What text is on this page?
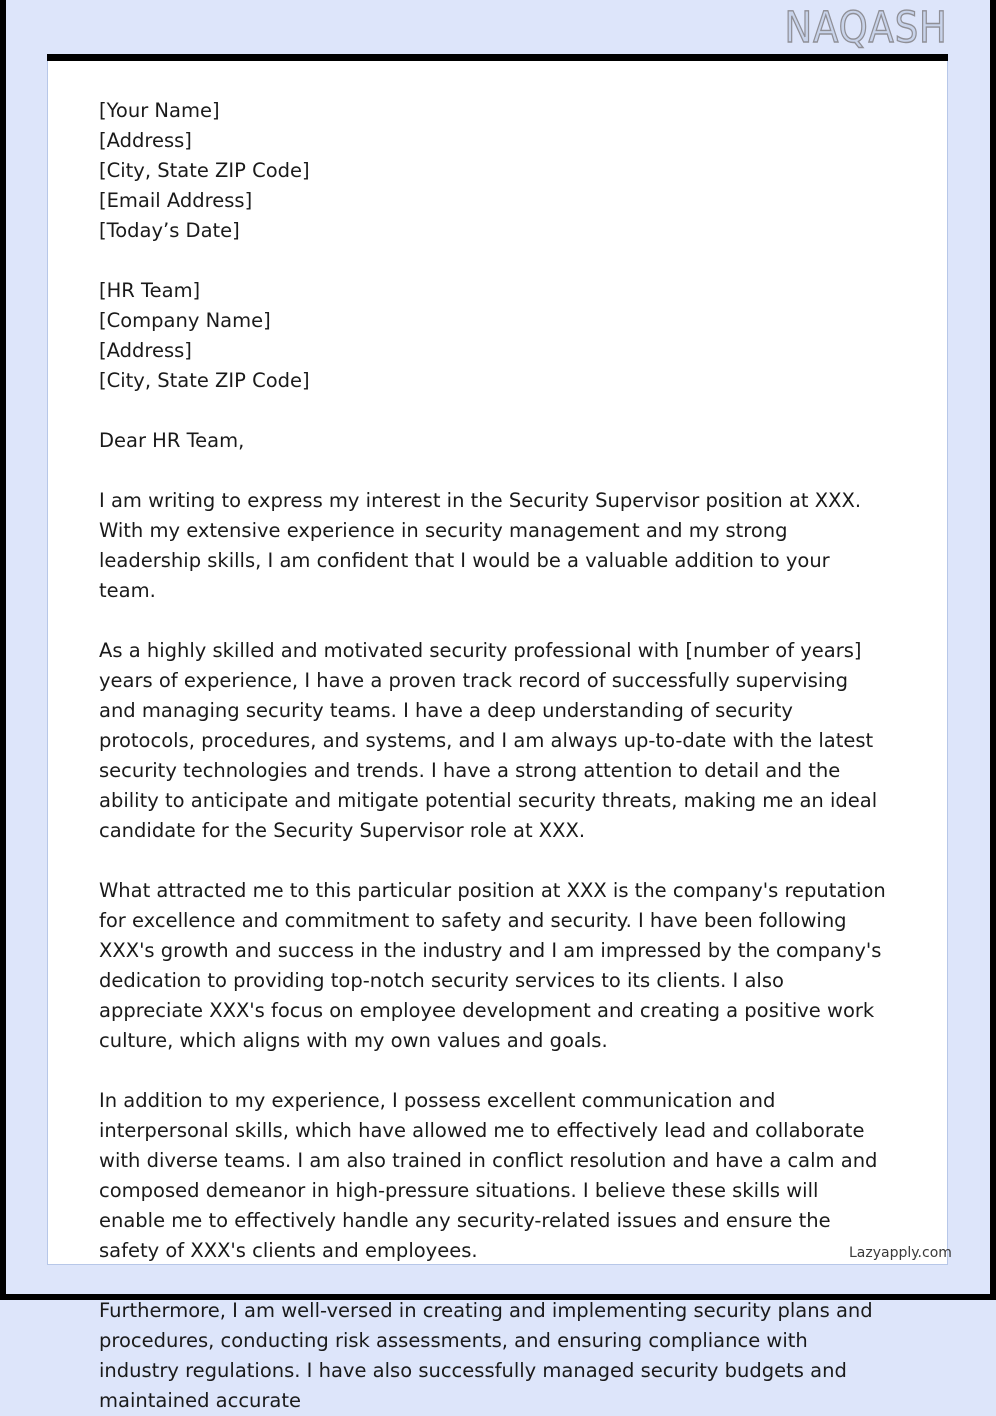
NAQASH
[Your Name]
[Address]
[City, State ZIP Code]
[Email Address]
[Today’s Date]
[HR Team]
[Company Name]
[Address]
[City, State ZIP Code]
Dear HR Team,

I am writing to express my interest in the Security Supervisor position at XXX. With my extensive experience in security management and my strong leadership skills, I am confident that I would be a valuable addition to your team.

As a highly skilled and motivated security professional with [number of years] years of experience, I have a proven track record of successfully supervising and managing security teams. I have a deep understanding of security protocols, procedures, and systems, and I am always up-to-date with the latest security technologies and trends. I have a strong attention to detail and the ability to anticipate and mitigate potential security threats, making me an ideal candidate for the Security Supervisor role at XXX.

What attracted me to this particular position at XXX is the company's reputation for excellence and commitment to safety and security. I have been following XXX's growth and success in the industry and I am impressed by the company's dedication to providing top-notch security services to its clients. I also appreciate XXX's focus on employee development and creating a positive work culture, which aligns with my own values and goals.

In addition to my experience, I possess excellent communication and interpersonal skills, which have allowed me to effectively lead and collaborate with diverse teams. I am also trained in conflict resolution and have a calm and composed demeanor in high-pressure situations. I believe these skills will enable me to effectively handle any security-related issues and ensure the safety of XXX's clients and employees.

Furthermore, I am well-versed in creating and implementing security plans and procedures, conducting risk assessments, and ensuring compliance with industry regulations. I have also successfully managed security budgets and maintained accurate

Lazyapply.com
